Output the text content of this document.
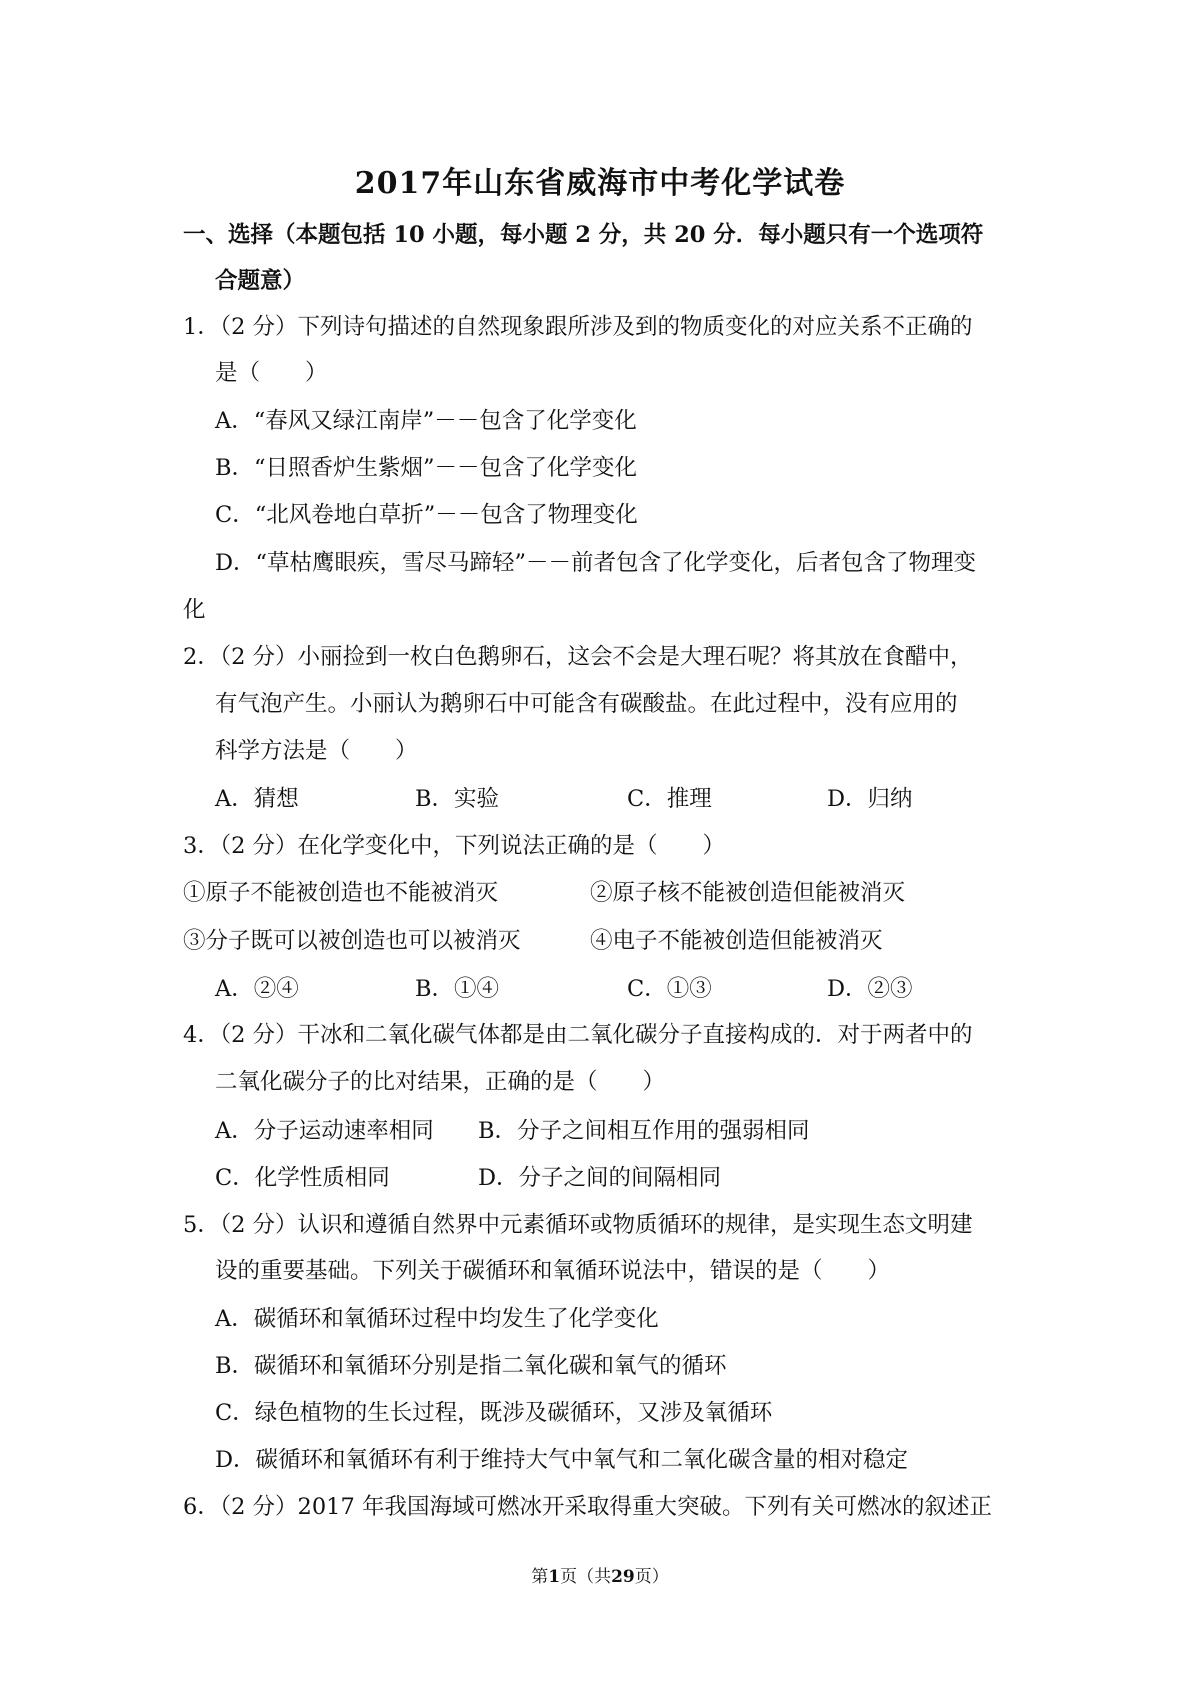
2017年山东省威海市中考化学试卷
一、选择（本题包括 10 小题，每小题 2 分，共 20 分．每小题只有一个选项符
合题意）
1．（2 分）下列诗句描述的自然现象跟所涉及到的物质变化的对应关系不正确的
是（　　）
A．“春风又绿江南岸”－－包含了化学变化
B．“日照香炉生紫烟”－－包含了化学变化
C．“北风卷地白草折”－－包含了物理变化
D．“草枯鹰眼疾，雪尽马蹄轻”－－前者包含了化学变化，后者包含了物理变
化
2．（2 分）小丽捡到一枚白色鹅卵石，这会不会是大理石呢？将其放在食醋中，
有气泡产生。小丽认为鹅卵石中可能含有碳酸盐。在此过程中，没有应用的
科学方法是（　　）
A．猜想	B．实验	C．推理	D．归纳
3．（2 分）在化学变化中，下列说法正确的是（　　）
①原子不能被创造也不能被消灭	②原子核不能被创造但能被消灭
③分子既可以被创造也可以被消灭	④电子不能被创造但能被消灭
A．②④	B．①④	C．①③	D．②③
4．（2 分）干冰和二氧化碳气体都是由二氧化碳分子直接构成的．对于两者中的
二氧化碳分子的比对结果，正确的是（　　）
A．分子运动速率相同 B．分子之间相互作用的强弱相同
C．化学性质相同	D．分子之间的间隔相同
5．（2 分）认识和遵循自然界中元素循环或物质循环的规律，是实现生态文明建
设的重要基础。下列关于碳循环和氧循环说法中，错误的是（　　）
A．碳循环和氧循环过程中均发生了化学变化
B．碳循环和氧循环分别是指二氧化碳和氧气的循环
C．绿色植物的生长过程，既涉及碳循环，又涉及氧循环
D．碳循环和氧循环有利于维持大气中氧气和二氧化碳含量的相对稳定
6．（2 分）2017 年我国海域可燃冰开采取得重大突破。下列有关可燃冰的叙述正
第1页（共29页）
